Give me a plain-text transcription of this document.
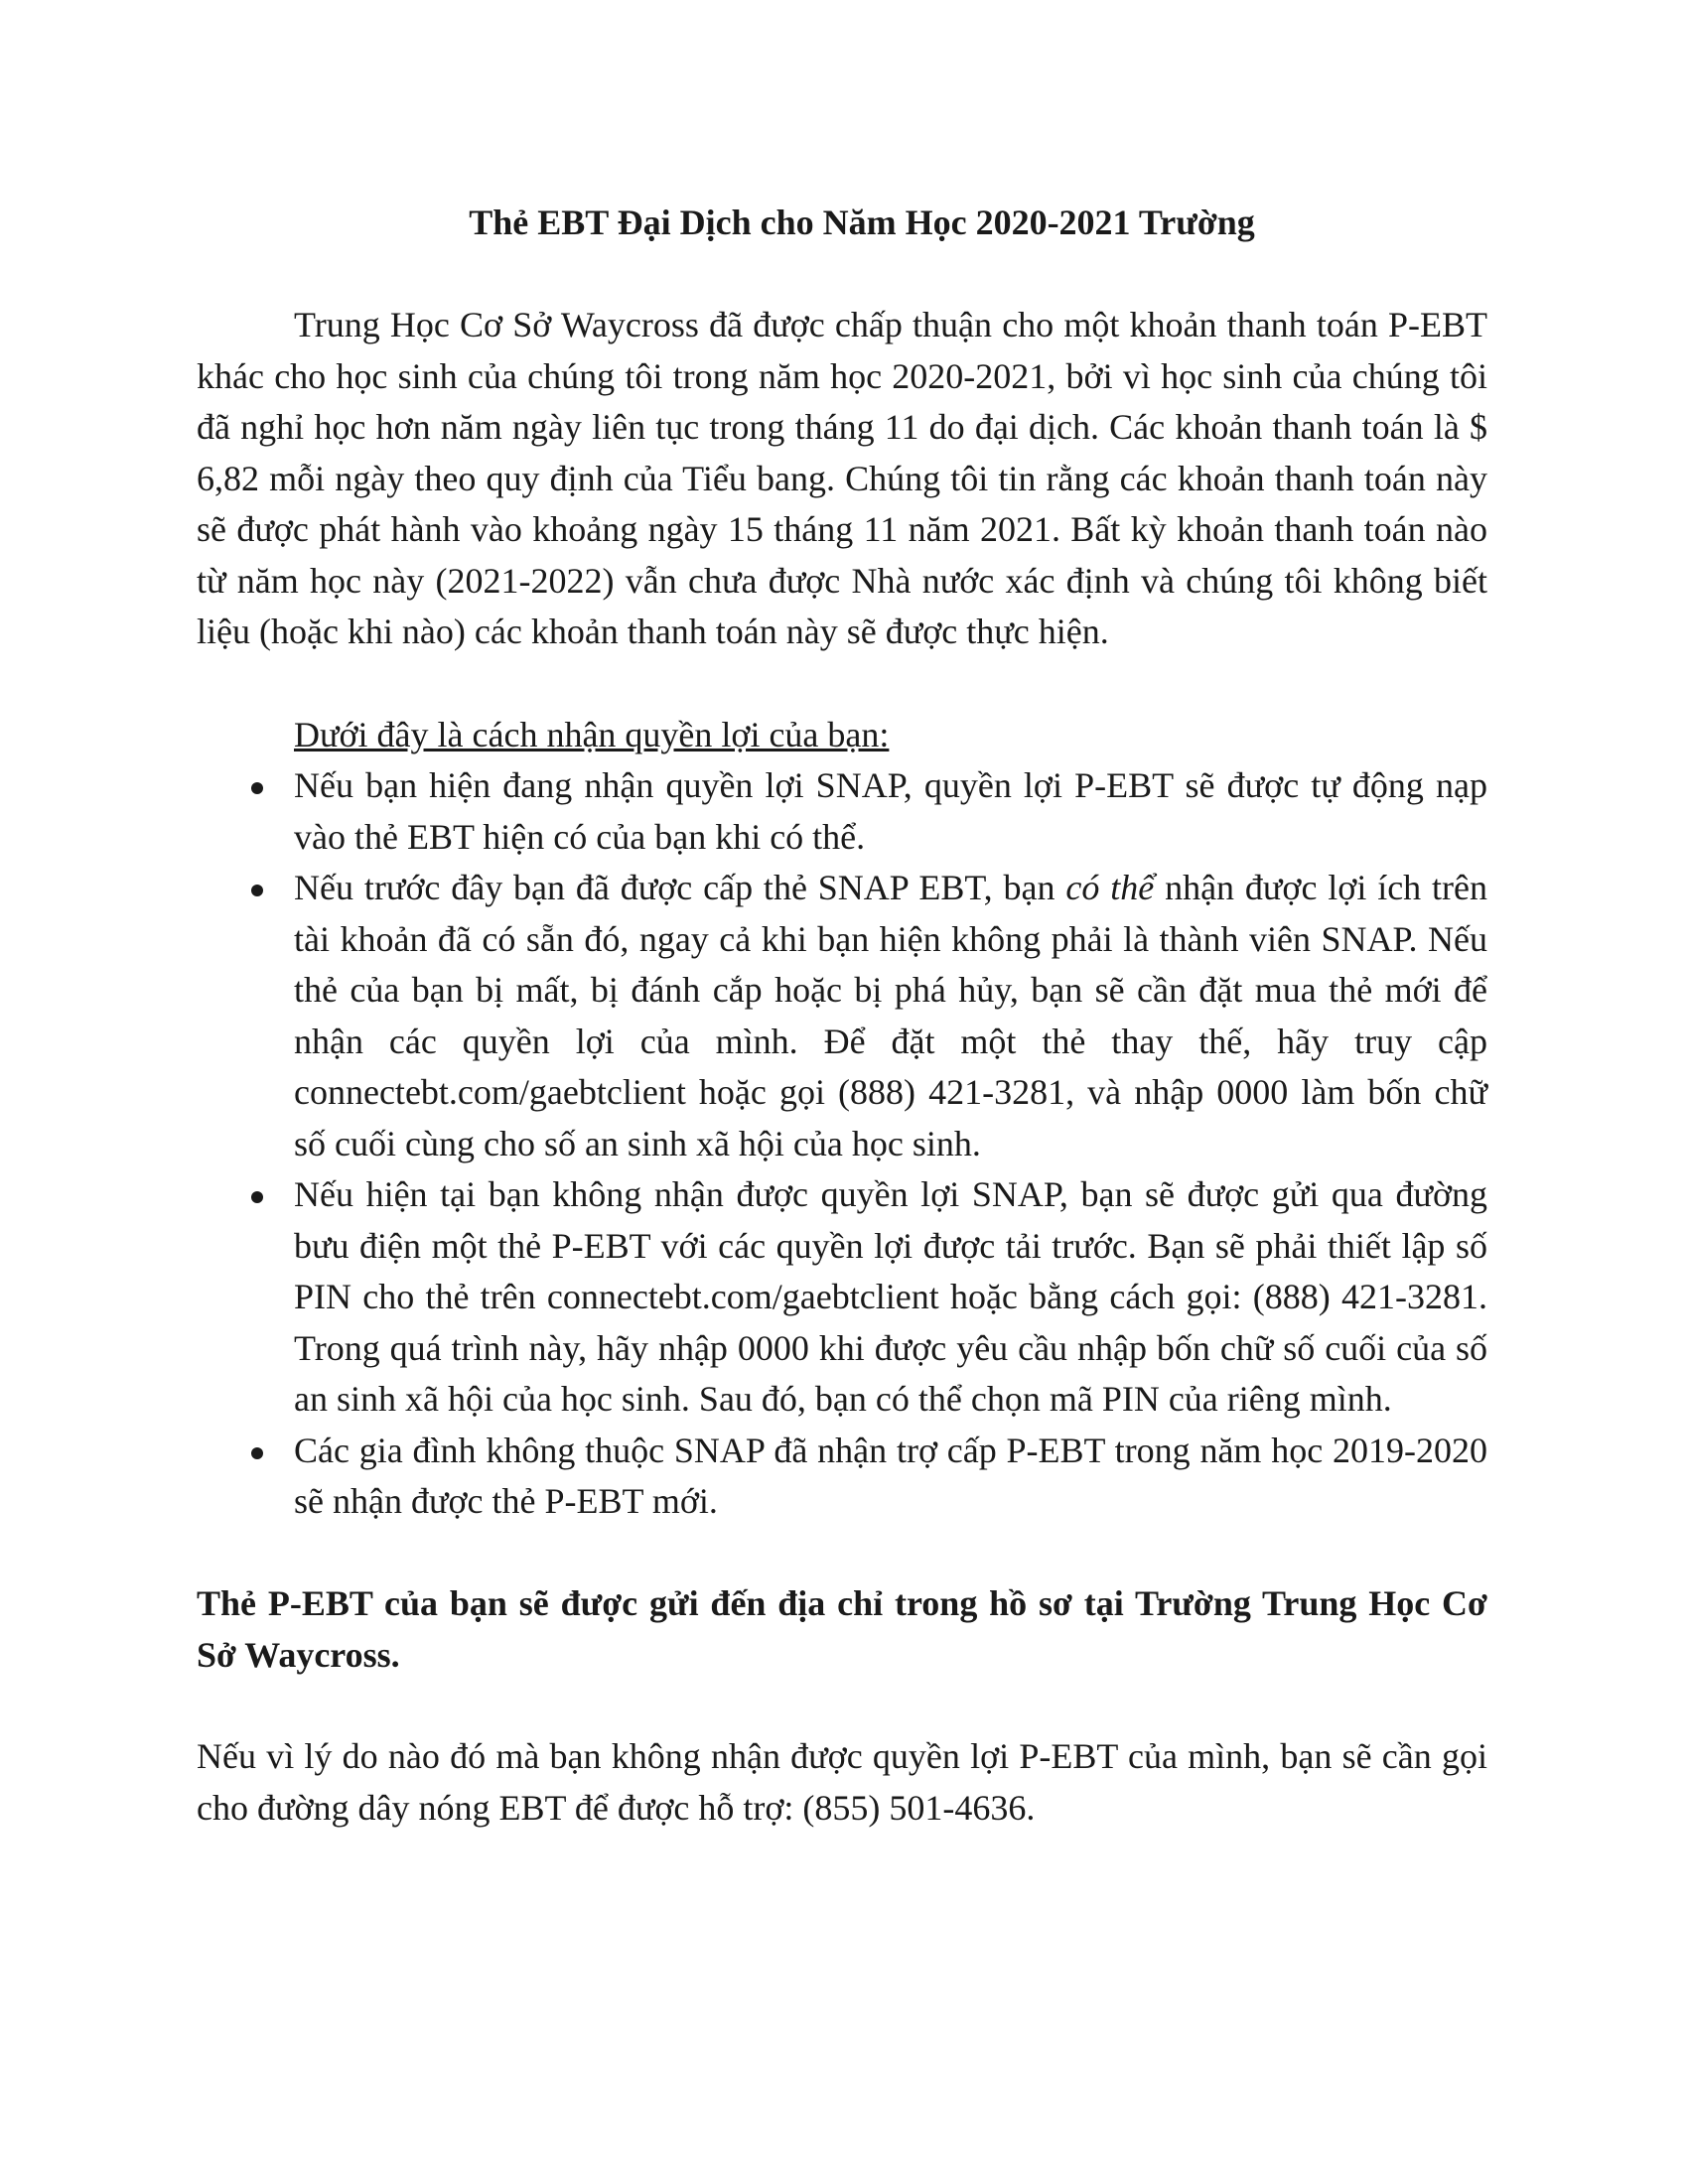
Thẻ EBT Đại Dịch cho Năm Học 2020-2021 Trường

Trung Học Cơ Sở Waycross đã được chấp thuận cho một khoản thanh toán P-EBT khác cho học sinh của chúng tôi trong năm học 2020-2021, bởi vì học sinh của chúng tôi đã nghỉ học hơn năm ngày liên tục trong tháng 11 do đại dịch. Các khoản thanh toán là $ 6,82 mỗi ngày theo quy định của Tiểu bang. Chúng tôi tin rằng các khoản thanh toán này sẽ được phát hành vào khoảng ngày 15 tháng 11 năm 2021. Bất kỳ khoản thanh toán nào từ năm học này (2021-2022) vẫn chưa được Nhà nước xác định và chúng tôi không biết liệu (hoặc khi nào) các khoản thanh toán này sẽ được thực hiện.

Dưới đây là cách nhận quyền lợi của bạn:

Nếu bạn hiện đang nhận quyền lợi SNAP, quyền lợi P-EBT sẽ được tự động nạp vào thẻ EBT hiện có của bạn khi có thể.
Nếu trước đây bạn đã được cấp thẻ SNAP EBT, bạn có thể nhận được lợi ích trên tài khoản đã có sẵn đó, ngay cả khi bạn hiện không phải là thành viên SNAP. Nếu thẻ của bạn bị mất, bị đánh cắp hoặc bị phá hủy, bạn sẽ cần đặt mua thẻ mới để nhận các quyền lợi của mình. Để đặt một thẻ thay thế, hãy truy cập connectebt.com/gaebtclient hoặc gọi (888) 421-3281, và nhập 0000 làm bốn chữ số cuối cùng cho số an sinh xã hội của học sinh.
Nếu hiện tại bạn không nhận được quyền lợi SNAP, bạn sẽ được gửi qua đường bưu điện một thẻ P-EBT với các quyền lợi được tải trước. Bạn sẽ phải thiết lập số PIN cho thẻ trên connectebt.com/gaebtclient hoặc bằng cách gọi: (888) 421-3281. Trong quá trình này, hãy nhập 0000 khi được yêu cầu nhập bốn chữ số cuối của số an sinh xã hội của học sinh. Sau đó, bạn có thể chọn mã PIN của riêng mình.
Các gia đình không thuộc SNAP đã nhận trợ cấp P-EBT trong năm học 2019-2020 sẽ nhận được thẻ P-EBT mới.

Thẻ P-EBT của bạn sẽ được gửi đến địa chỉ trong hồ sơ tại Trường Trung Học Cơ Sở Waycross.

Nếu vì lý do nào đó mà bạn không nhận được quyền lợi P-EBT của mình, bạn sẽ cần gọi cho đường dây nóng EBT để được hỗ trợ: (855) 501-4636.
